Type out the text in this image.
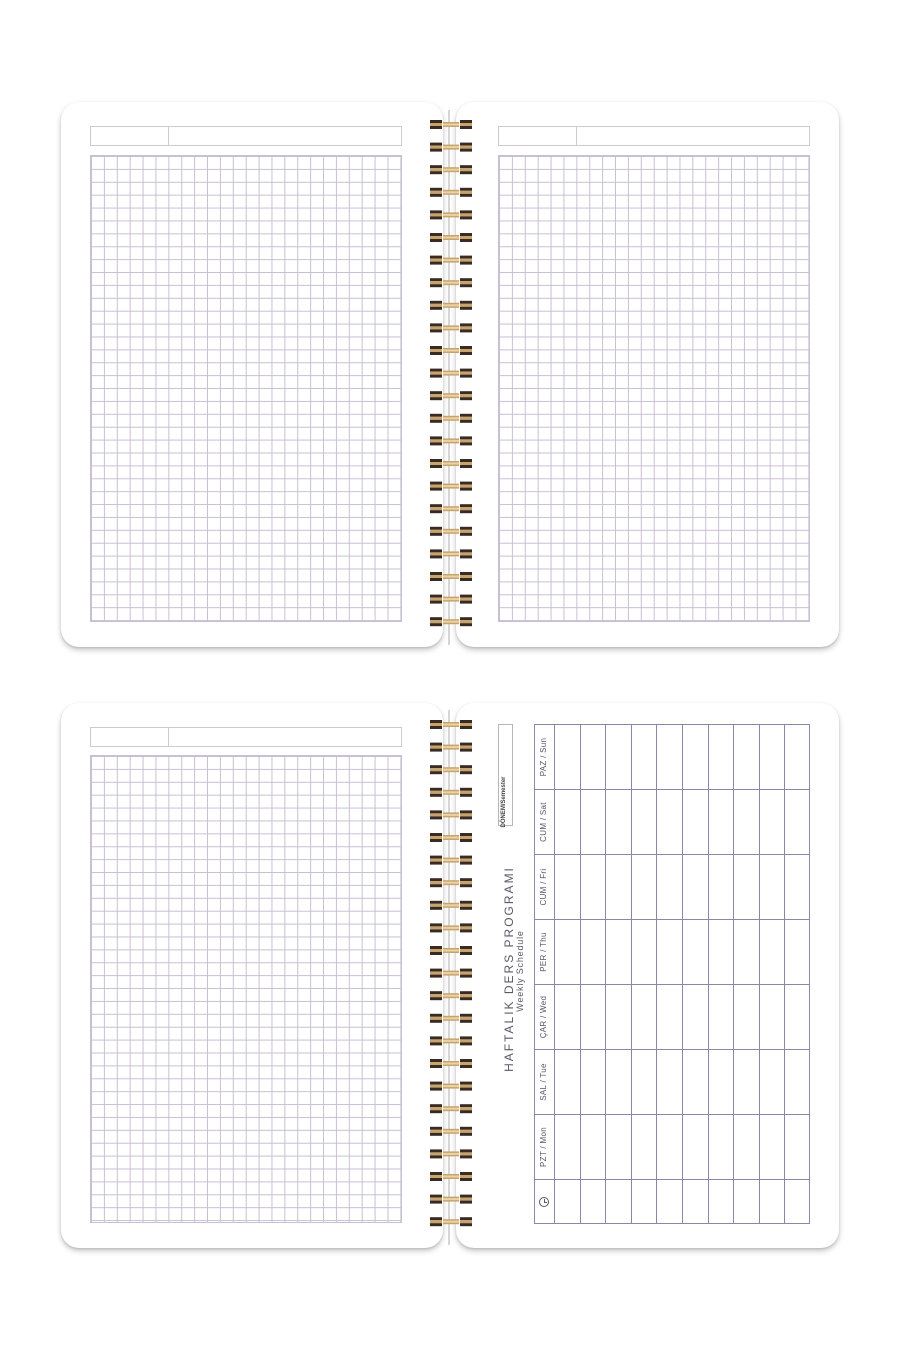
HAFTALIK DERS PROGRAMI Weekly Schedule
DÖNEM/Semester
PZT / Mon
SAL / Tue
ÇAR / Wed
PER / Thu
CUM / Fri
CUM / Sat
PAZ / Sun
